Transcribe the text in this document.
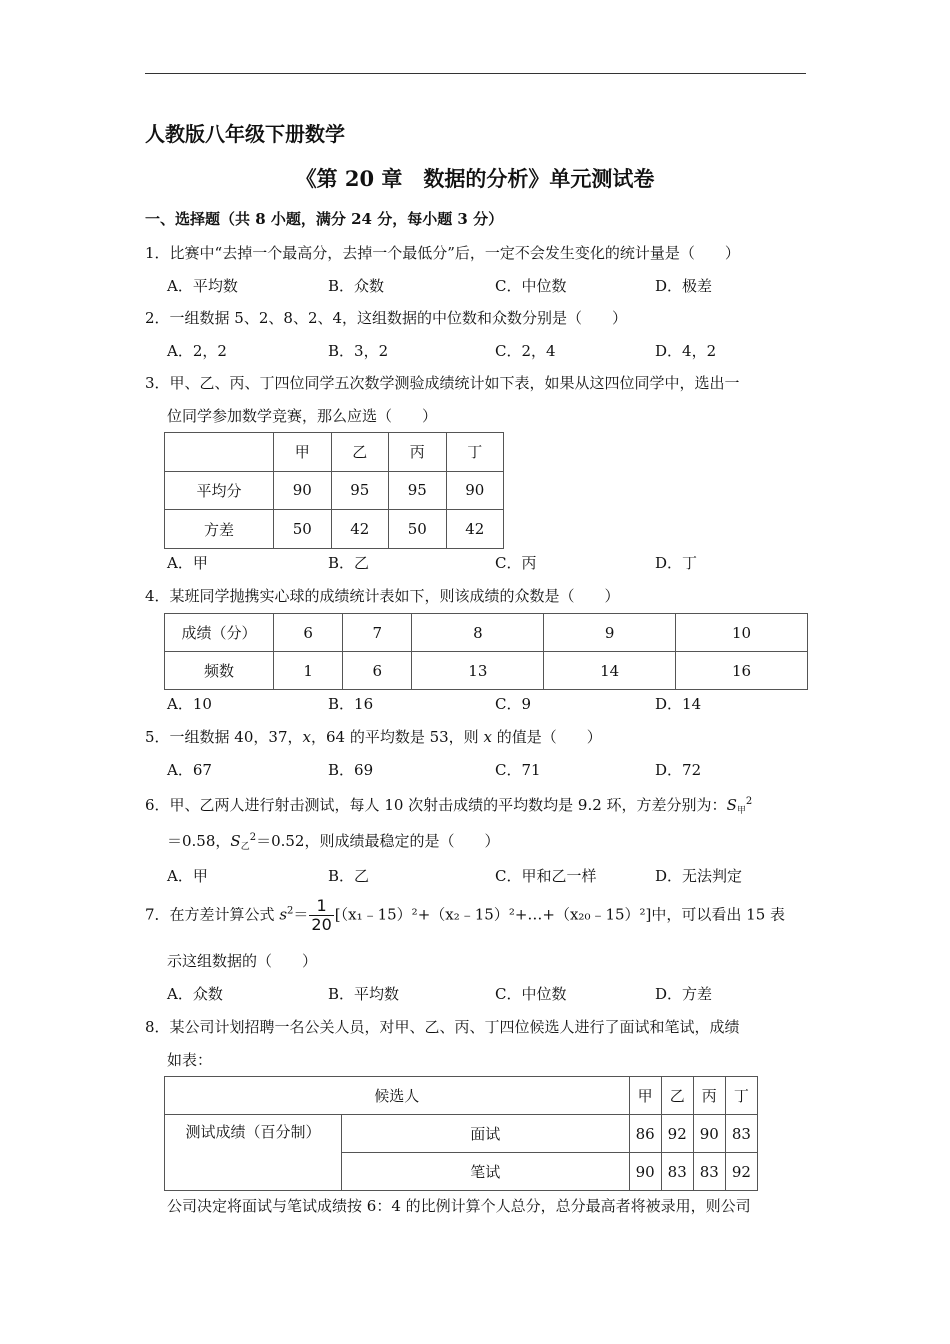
人教版八年级下册数学
《第 20 章　数据的分析》单元测试卷
一、选择题（共 8 小题，满分 24 分，每小题 3 分）
1．比赛中“去掉一个最高分，去掉一个最低分”后，一定不会发生变化的统计量是（　　）
A．平均数	B．众数	C．中位数	D．极差
2．一组数据 5、2、8、2、4，这组数据的中位数和众数分别是（　　）
A．2，2	B．3，2	C．2，4	D．4，2
3．甲、乙、丙、丁四位同学五次数学测验成绩统计如下表，如果从这四位同学中，选出一
位同学参加数学竞赛，那么应选（　　）
	甲	乙	丙	丁
平均分	90	95	95	90
方差	50	42	50	42
A．甲	B．乙	C．丙	D．丁
4．某班同学抛携实心球的成绩统计表如下，则该成绩的众数是（　　）
成绩（分）	6	7	8	9	10
频数	1	6	13	14	16
A．10	B．16	C．9	D．14
5．一组数据 40，37，x，64 的平均数是 53，则 x 的值是（　　）
A．67	B．69	C．71	D．72
6．甲、乙两人进行射击测试，每人 10 次射击成绩的平均数均是 9.2 环，方差分别为：$S_甲^2$
＝0.58，$S_乙^2=0.52$，则成绩最稳定的是（　　）
A．甲	B．乙	C．甲和乙一样	D．无法判定
7．在方差计算公式 $s^2= \frac{1}{20}$ [（x₁﹣15）²+（x₂﹣15）²+…+（x₂₀﹣15）²]中，可以看出 15 表
示这组数据的（　　）
A．众数	B．平均数	C．中位数	D．方差
8．某公司计划招聘一名公关人员，对甲、乙、丙、丁四位候选人进行了面试和笔试，成绩
如表：
候选人		甲	乙	丙	丁
测试成绩（百分制）	面试	86	92	90	83
	笔试	90	83	83	92
公司决定将面试与笔试成绩按 6：4 的比例计算个人总分，总分最高者将被录用，则公司
